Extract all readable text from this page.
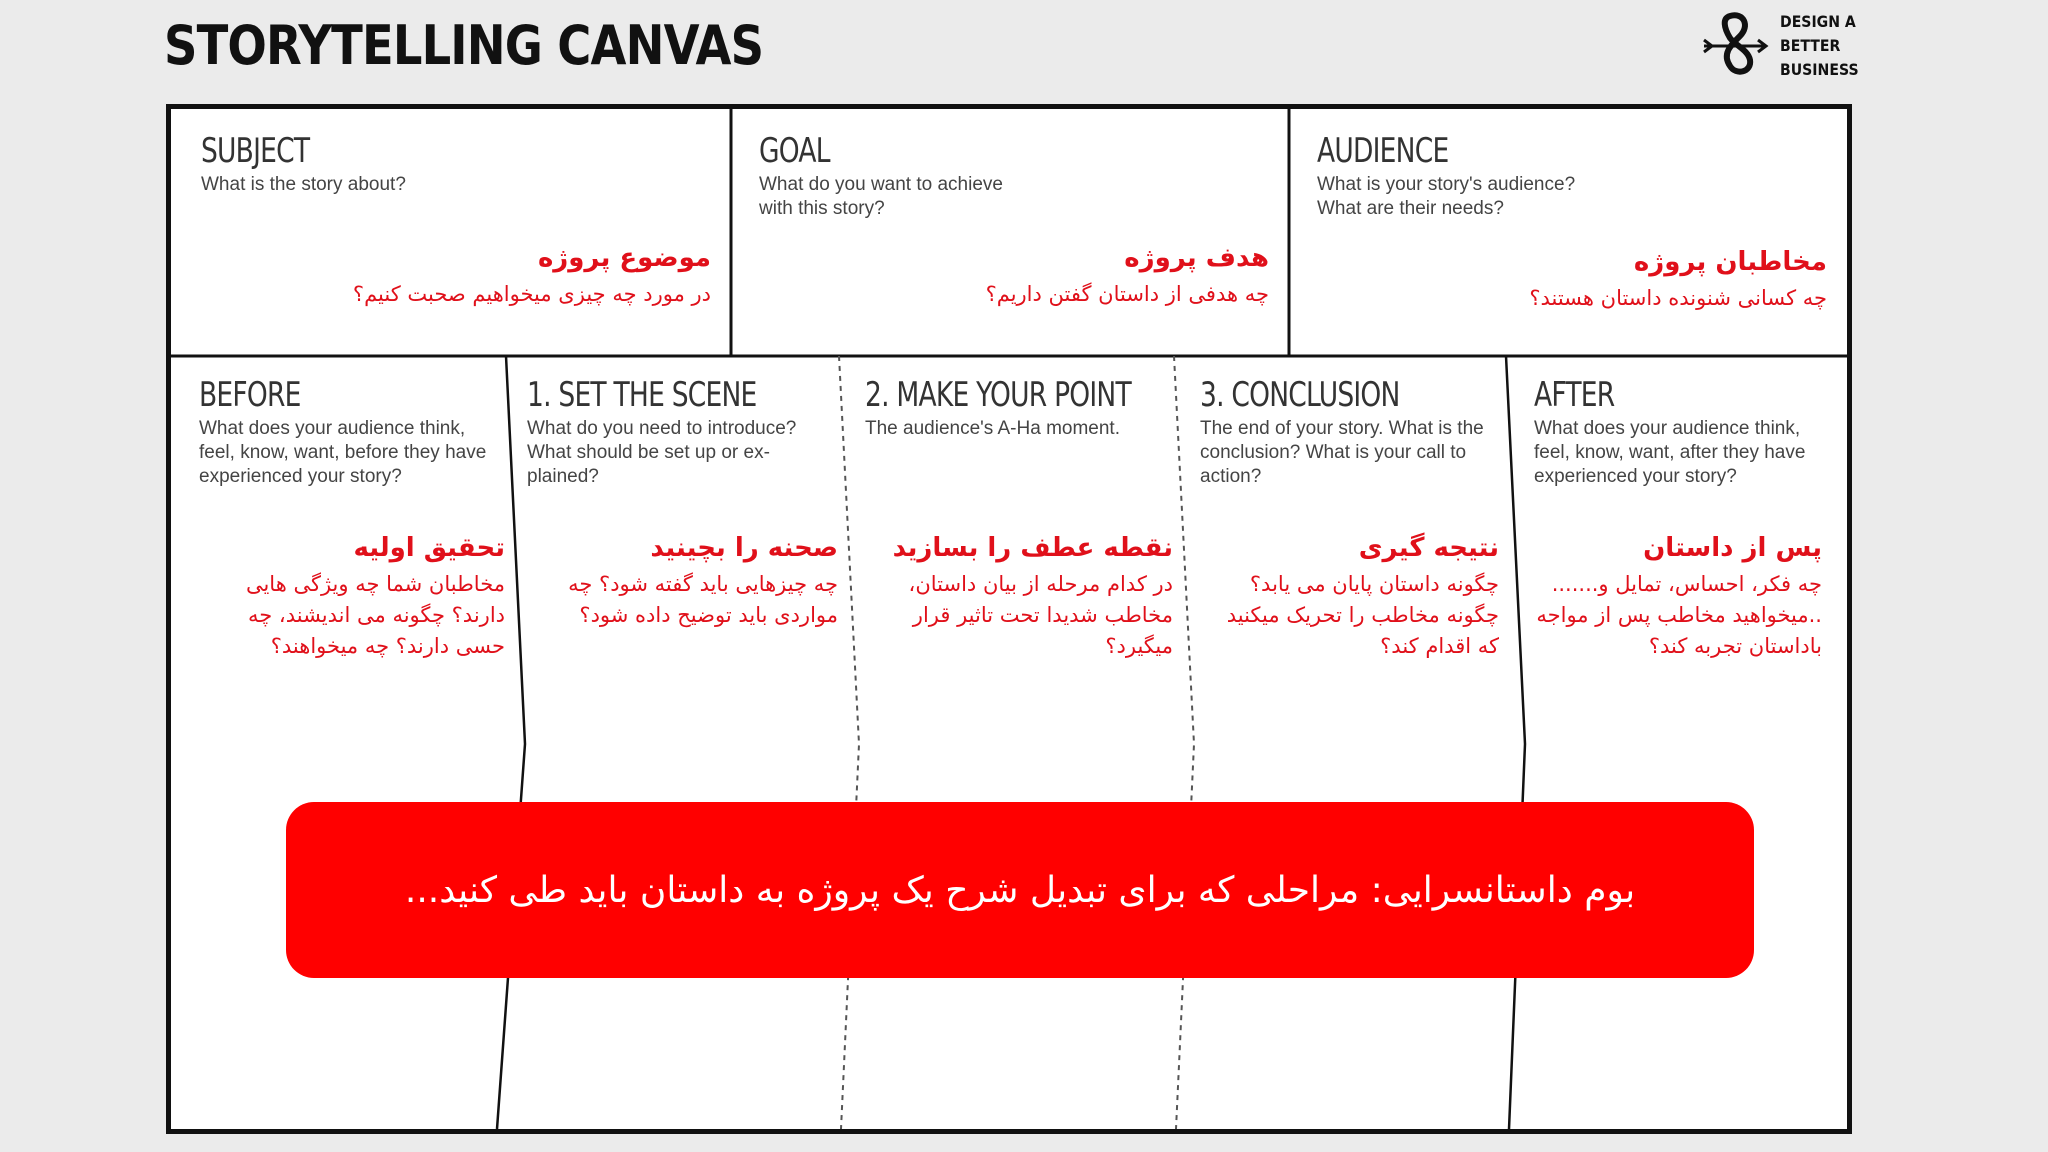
STORYTELLING CANVAS	DESIGN A
BETTER
BUSINESS
SUBJECT

What is the story about?

موضوع پروژه

در مورد چه چیزی میخواهیم صحبت کنیم؟

GOAL

What do you want to achieve with this story?

هدف پروژه

چه هدفی از داستان گفتن داریم؟

AUDIENCE

What is your story's audience? What are their needs?

مخاطبان پروژه

چه کسانی شنونده داستان هستند؟

BEFORE

What does your audience think, feel, know, want, before they have experienced your story?

تحقیق اولیه

مخاطبان شما چه ویژگی هایی دارند؟ چگونه می اندیشند، چه حسی دارند؟ چه میخواهند؟

1. SET THE SCENE

What do you need to introduce? What should be set up or ex-plained?

صحنه را بچینید

چه چیزهایی باید گفته شود؟ چه مواردی باید توضیح داده شود؟

2. MAKE YOUR POINT

The audience's A-Ha moment.

نقطه عطف را بسازید

در کدام مرحله از بیان داستان، مخاطب شدیدا تحت تاثیر قرار میگیرد؟

3. CONCLUSION

The end of your story. What is the conclusion? What is your call to action?

نتیجه گیری

چگونه داستان پایان می یابد؟ چگونه مخاطب را تحریک میکنید که اقدام کند؟

AFTER

What does your audience think, feel, know, want, after they have experienced your story?

پس از داستان

چه فکر، احساس، تمایل و....... ..میخواهید مخاطب پس از مواجه باداستان تجربه کند؟

بوم داستانسرایی: مراحلی که برای تبدیل شرح یک پروژه به داستان باید طی کنید...
